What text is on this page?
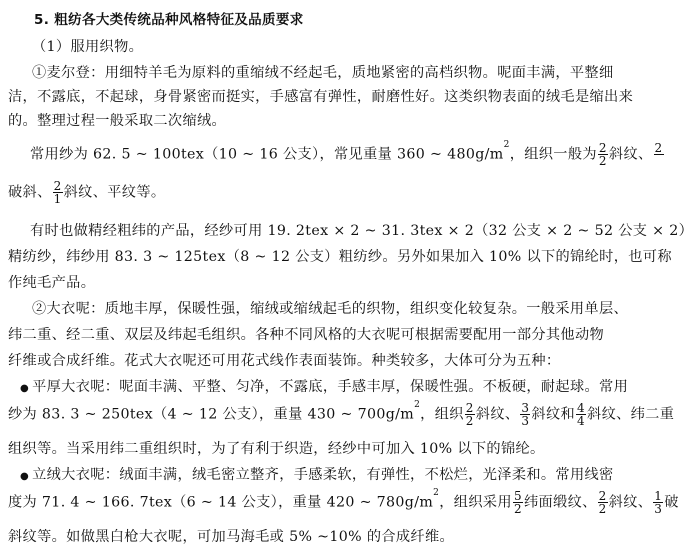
5. 粗纺各大类传统品种风格特征及品质要求
（1）服用织物。
①麦尔登：用细特羊毛为原料的重缩绒不经起毛，质地紧密的高档织物。呢面丰满，平整细
洁，不露底，不起球，身骨紧密而挺实，手感富有弹性，耐磨性好。这类织物表面的绒毛是缩出来
的。整理过程一般采取二次缩绒。
常用纱为 62. 5 ~ 100tex（10 ~ 16 公支），常见重量 360 ~ $480g/m^2$，组织一般为 $\frac{2}{2}$ 斜纹、 2

破斜、 $\frac{2}{1}$ 斜纹、平纹等。
有时也做精经粗纬的产品，经纱可用 19. 2tex × 2 ~ 31. 3tex × 2（32 公支 × 2 ~ 52 公支 × 2）
精纺纱，纬纱用 83. 3 ~ 125tex（8 ~ 12 公支）粗纺纱。另外如果加入 10% 以下的锦纶时，也可称
作纯毛产品。
②大衣呢：质地丰厚，保暖性强，缩绒或缩绒起毛的织物，组织变化较复杂。一般采用单层、
纬二重、经二重、双层及纬起毛组织。各种不同风格的大衣呢可根据需要配用一部分其他动物
纤维或合成纤维。花式大衣呢还可用花式线作表面装饰。种类较多，大体可分为五种：
● 平厚大衣呢：呢面丰满、平整、匀净，不露底，手感丰厚，保暖性强。不板硬，耐起球。常用
纱为 83. 3 ~ 250tex（4 ~ 12 公支），重量 430 ~ $700g/m^2$，组织 $\frac{2}{2}$ 斜纹、 $\frac{3}{3}$ 斜纹和 $\frac{4}{4}$ 斜纹、纬二重
组织等。当采用纬二重组织时，为了有利于织造，经纱中可加入 10% 以下的锦纶。
● 立绒大衣呢：绒面丰满，绒毛密立整齐，手感柔软，有弹性，不松烂，光泽柔和。常用线密
度为 71. 4 ~ 166. 7tex（6 ~ 14 公支），重量 420 ~ $780g/m^2$，组织采用 $\frac{5}{2}$ 纬面缎纹、 $\frac{2}{2}$ 斜纹、 $\frac{1}{3}$ 破
斜纹等。如做黑白枪大衣呢，可加马海毛或 5% ~10% 的合成纤维。
